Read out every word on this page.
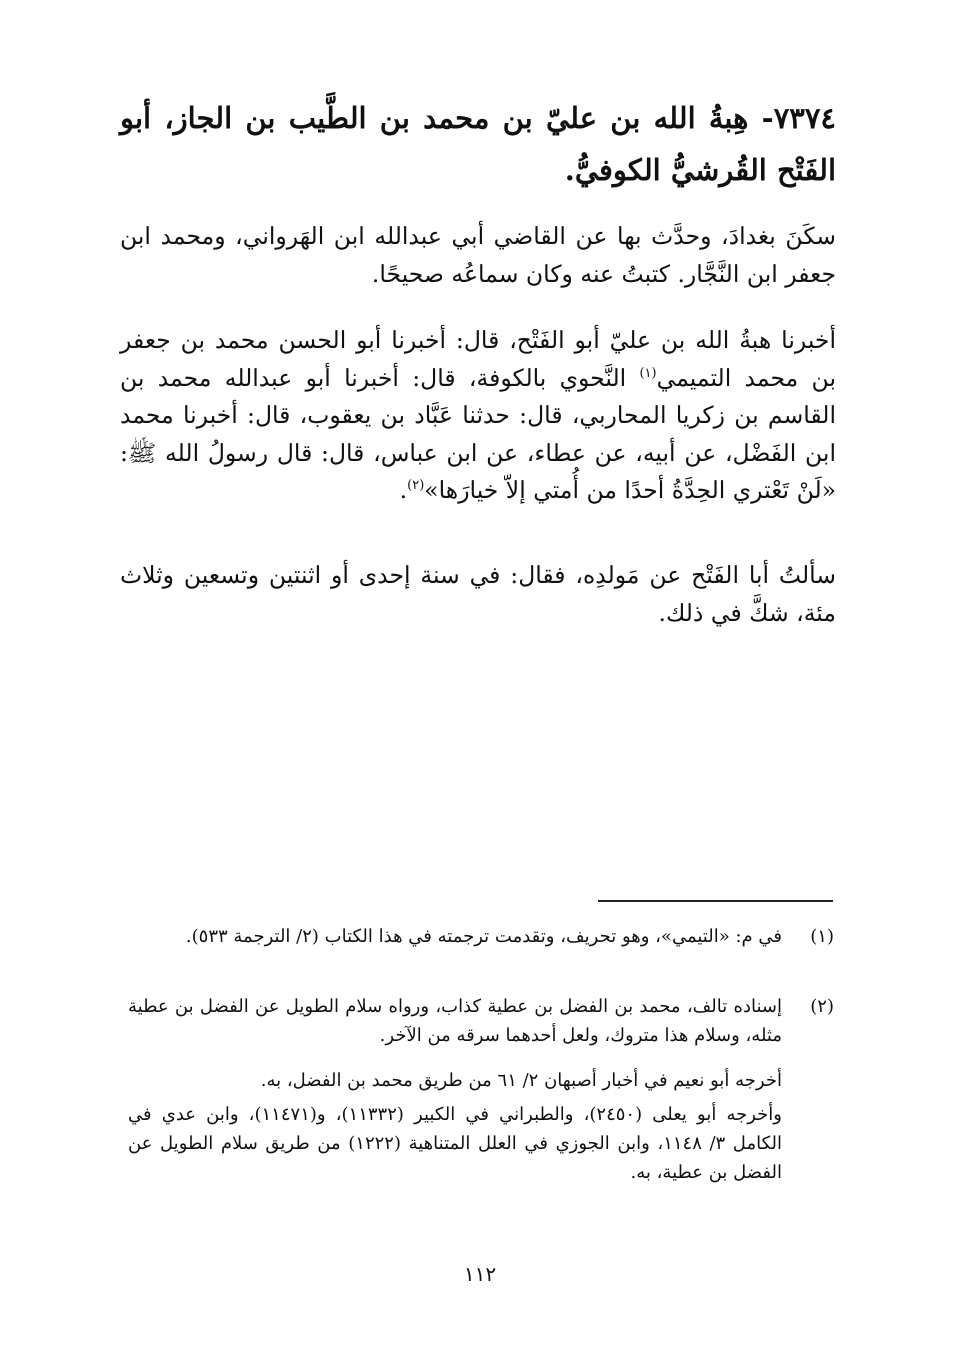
٧٣٧٤- هِبةُ الله بن عليّ بن محمد بن الطَّيب بن الجاز، أبو الفَتْح القُرشيُّ الكوفيُّ.
سكَنَ بغدادَ، وحدَّث بها عن القاضي أبي عبدالله ابن الهَرواني، ومحمد ابن جعفر ابن النَّجَّار. كتبتُ عنه وكان سماعُه صحيحًا.
أخبرنا هبةُ الله بن عليّ أبو الفَتْح، قال: أخبرنا أبو الحسن محمد بن جعفر بن محمد التميمي$^{(١)}$ النَّحوي بالكوفة، قال: أخبرنا أبو عبدالله محمد بن القاسم بن زكريا المحاربي، قال: حدثنا عَبَّاد بن يعقوب، قال: أخبرنا محمد ابن الفَضْل، عن أبيه، عن عطاء، عن ابن عباس، قال: قال رسولُ الله ﷺ: «لَنْ تَعْتري الحِدَّةُ أحدًا من أُمتي إلاّ خيارَها»$^{(٢)}$.
سألتُ أبا الفَتْح عن مَولدِه، فقال: في سنة إحدى أو اثنتين وتسعين وثلاث مئة، شكَّ في ذلك.
(١)
في م: «التيمي»، وهو تحريف، وتقدمت ترجمته في هذا الكتاب (٢/ الترجمة ٥٣٣).
(٢)
إسناده تالف، محمد بن الفضل بن عطية كذاب، ورواه سلام الطويل عن الفضل بن عطية مثله، وسلام هذا متروك، ولعل أحدهما سرقه من الآخر.
أخرجه أبو نعيم في أخبار أصبهان ٢/ ٦١ من طريق محمد بن الفضل، به.
وأخرجه أبو يعلى (٢٤٥٠)، والطبراني في الكبير (١١٣٣٢)، و(١١٤٧١)، وابن عدي في الكامل ٣/ ١١٤٨، وابن الجوزي في العلل المتناهية (١٢٢٢) من طريق سلام الطويل عن الفضل بن عطية، به.
١١٢
